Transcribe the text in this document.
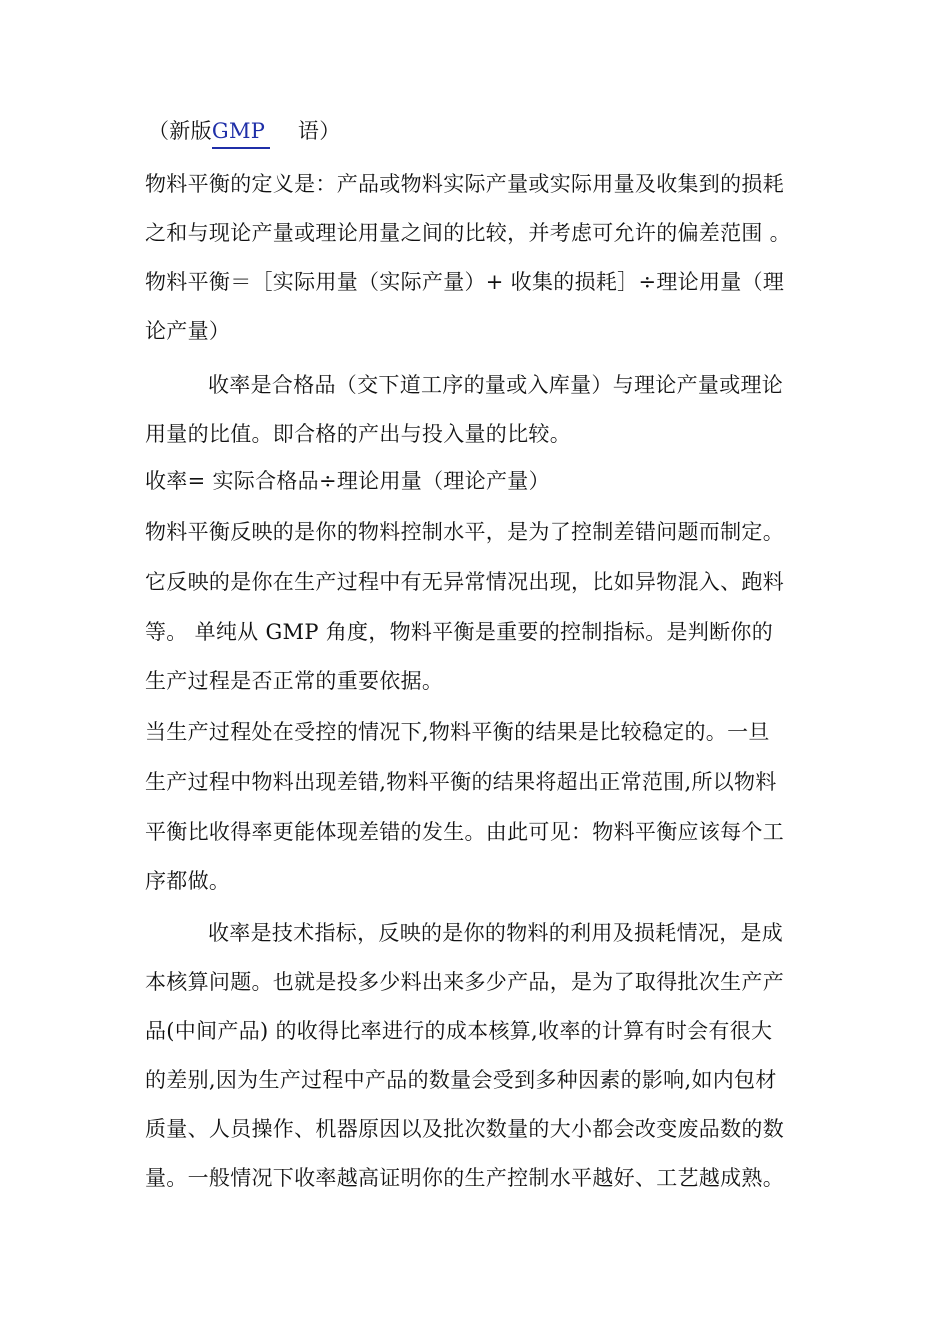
（新版GMP 语）
物料平衡的定义是：产品或物料实际产量或实际用量及收集到的损耗
之和与现论产量或理论用量之间的比较，并考虑可允许的偏差范围 。
物料平衡＝［实际用量（实际产量）+ 收集的损耗］÷理论用量（理
论产量）
收率是合格品（交下道工序的量或入库量）与理论产量或理论
用量的比值。即合格的产出与投入量的比较。
收率= 实际合格品÷理论用量（理论产量）
物料平衡反映的是你的物料控制水平，是为了控制差错问题而制定。
它反映的是你在生产过程中有无异常情况出现，比如异物混入、跑料
等。 单纯从 GMP 角度，物料平衡是重要的控制指标。是判断你的
生产过程是否正常的重要依据。
当生产过程处在受控的情况下,物料平衡的结果是比较稳定的。一旦
生产过程中物料出现差错,物料平衡的结果将超出正常范围,所以物料
平衡比收得率更能体现差错的发生。由此可见：物料平衡应该每个工
序都做。
收率是技术指标，反映的是你的物料的利用及损耗情况，是成
本核算问题。也就是投多少料出来多少产品，是为了取得批次生产产
品(中间产品) 的收得比率进行的成本核算,收率的计算有时会有很大
的差别,因为生产过程中产品的数量会受到多种因素的影响,如内包材
质量、人员操作、机器原因以及批次数量的大小都会改变废品数的数
量。一般情况下收率越高证明你的生产控制水平越好、工艺越成熟。
